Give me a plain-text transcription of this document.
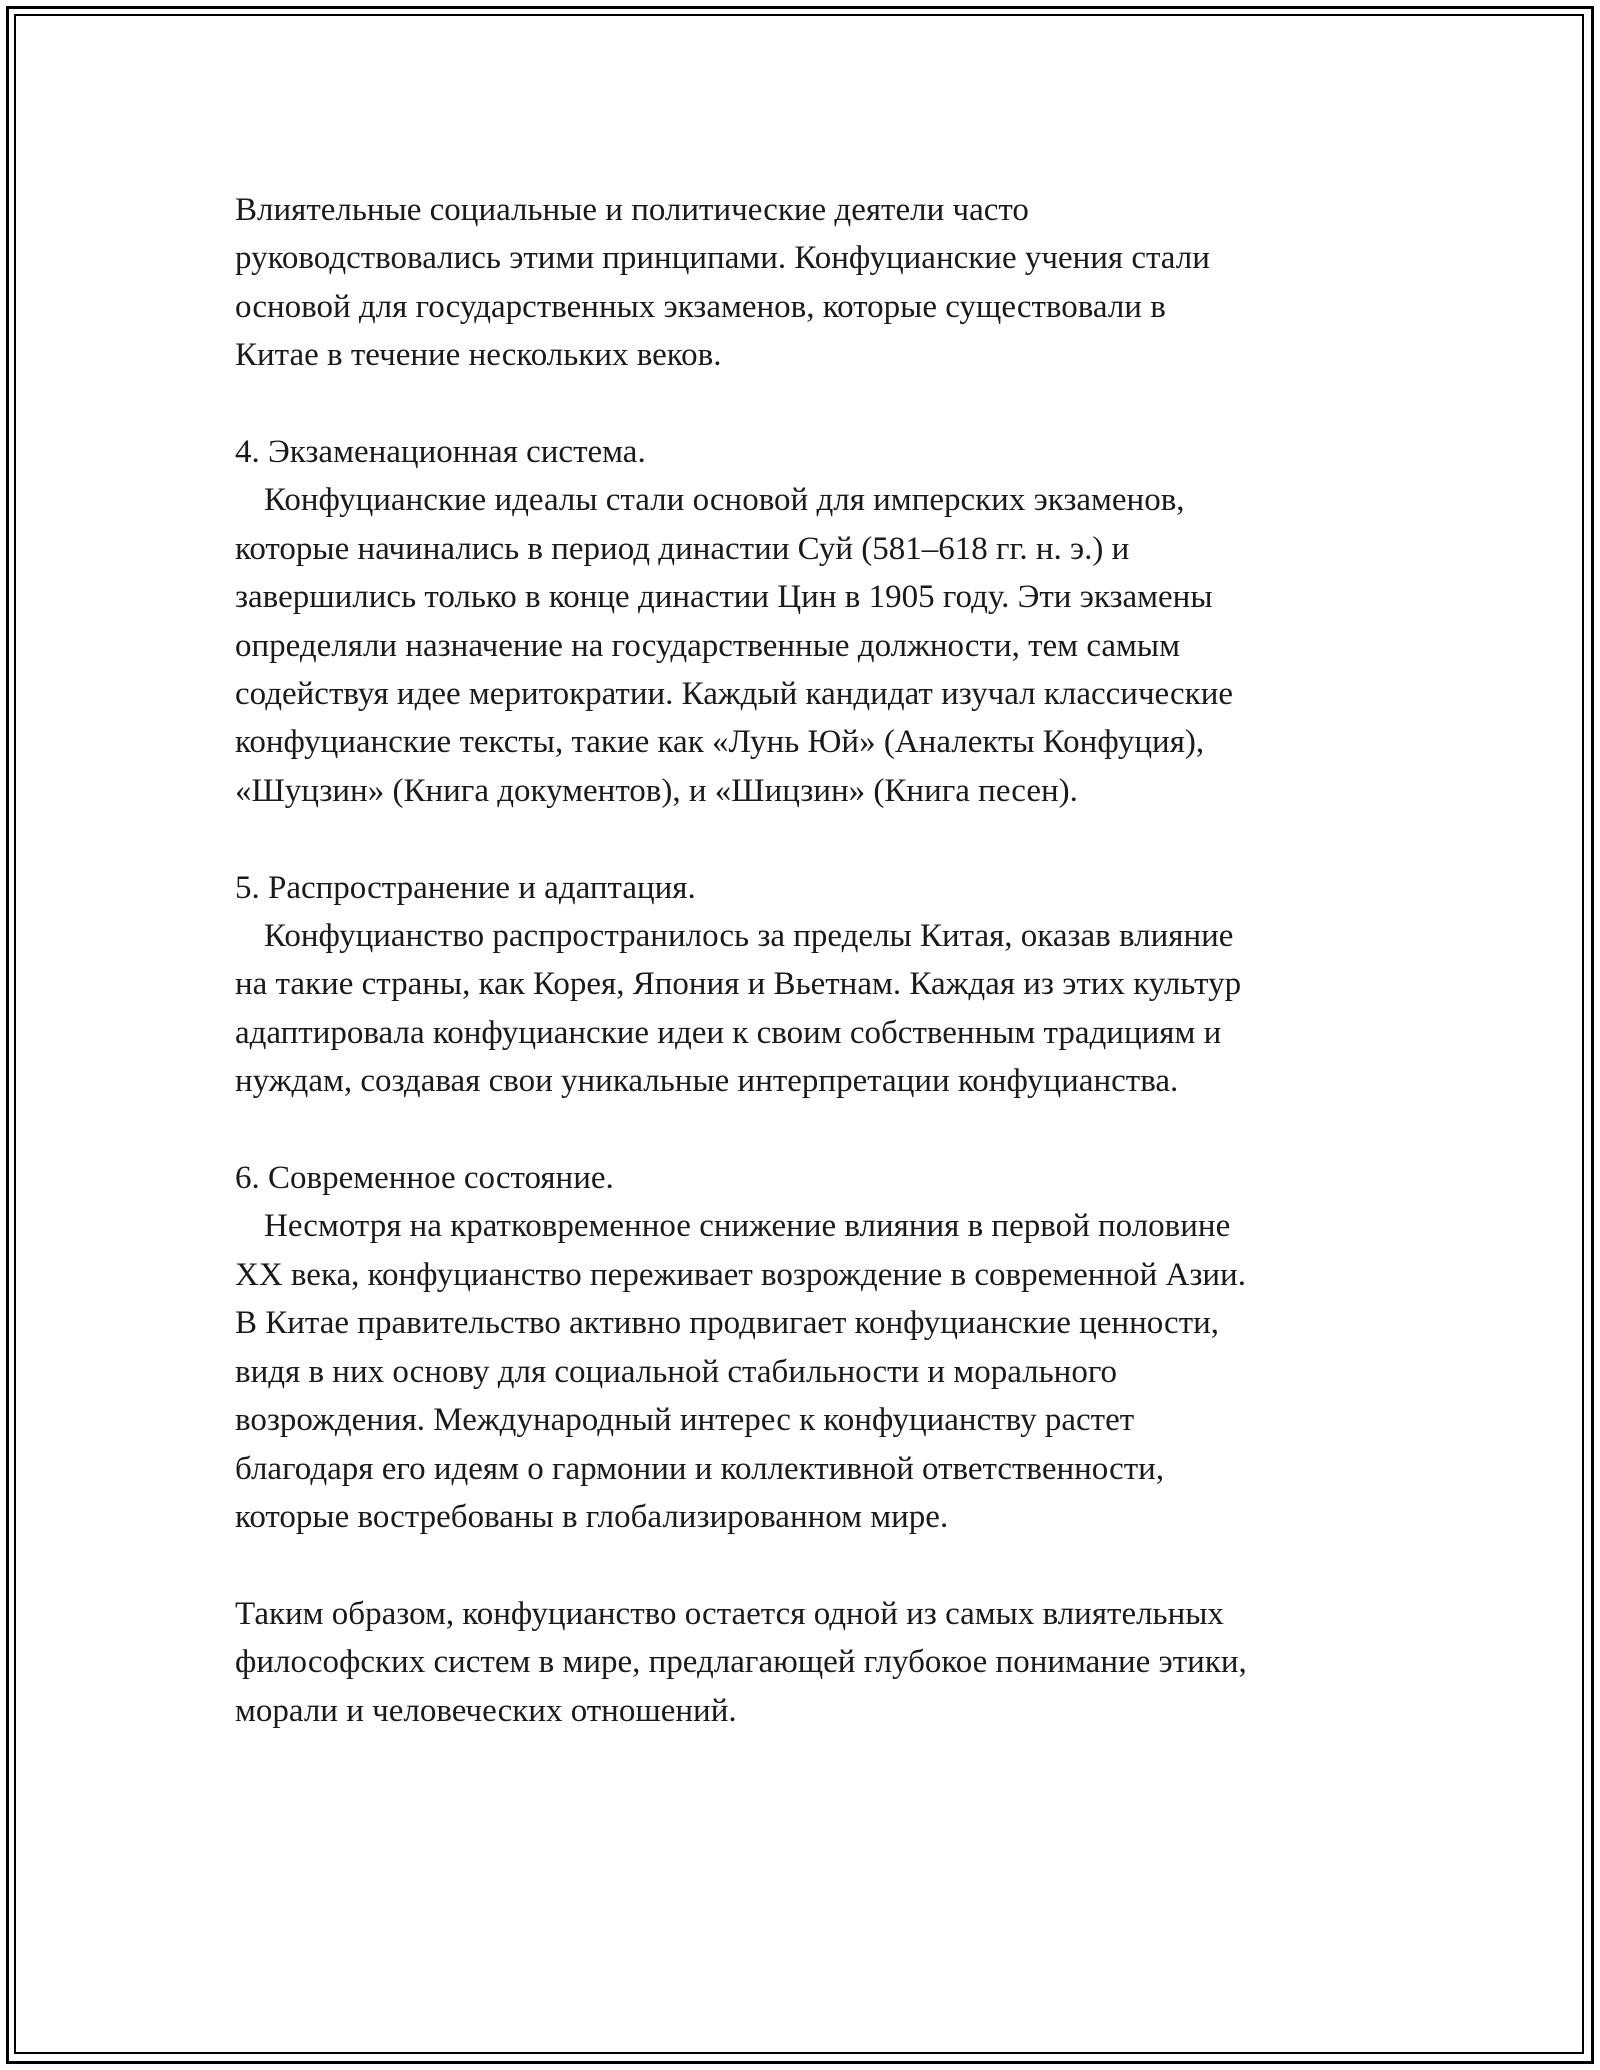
Влиятельные социальные и политические деятели часто
руководствовались этими принципами. Конфуцианские учения стали
основой для государственных экзаменов, которые существовали в
Китае в течение нескольких веков.

4. Экзаменационная система.

Конфуцианские идеалы стали основой для имперских экзаменов,
которые начинались в период династии Суй (581–618 гг. н. э.) и
завершились только в конце династии Цин в 1905 году. Эти экзамены
определяли назначение на государственные должности, тем самым
содействуя идее меритократии. Каждый кандидат изучал классические
конфуцианские тексты, такие как «Лунь Юй» (Аналекты Конфуция),
«Шуцзин» (Книга документов), и «Шицзин» (Книга песен).

5. Распространение и адаптация.

Конфуцианство распространилось за пределы Китая, оказав влияние
на такие страны, как Корея, Япония и Вьетнам. Каждая из этих культур
адаптировала конфуцианские идеи к своим собственным традициям и
нуждам, создавая свои уникальные интерпретации конфуцианства.

6. Современное состояние.

Несмотря на кратковременное снижение влияния в первой половине
XX века, конфуцианство переживает возрождение в современной Азии.
В Китае правительство активно продвигает конфуцианские ценности,
видя в них основу для социальной стабильности и морального
возрождения. Международный интерес к конфуцианству растет
благодаря его идеям о гармонии и коллективной ответственности,
которые востребованы в глобализированном мире.

Таким образом, конфуцианство остается одной из самых влиятельных
философских систем в мире, предлагающей глубокое понимание этики,
морали и человеческих отношений.
